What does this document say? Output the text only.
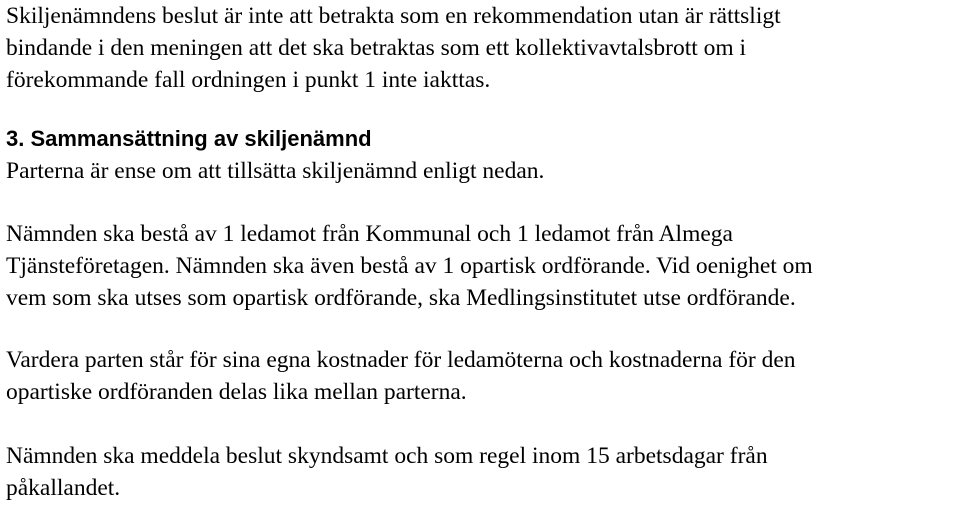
Skiljenämndens beslut är inte att betrakta som en rekommendation utan är rättsligt

bindande i den meningen att det ska betraktas som ett kollektivavtalsbrott om i

förekommande fall ordningen i punkt 1 inte iakttas.

3. Sammansättning av skiljenämnd

Parterna är ense om att tillsätta skiljenämnd enligt nedan.

Nämnden ska bestå av 1 ledamot från Kommunal och 1 ledamot från Almega

Tjänsteföretagen. Nämnden ska även bestå av 1 opartisk ordförande. Vid oenighet om

vem som ska utses som opartisk ordförande, ska Medlingsinstitutet utse ordförande.

Vardera parten står för sina egna kostnader för ledamöterna och kostnaderna för den

opartiske ordföranden delas lika mellan parterna.

Nämnden ska meddela beslut skyndsamt och som regel inom 15 arbetsdagar från

påkallandet.
